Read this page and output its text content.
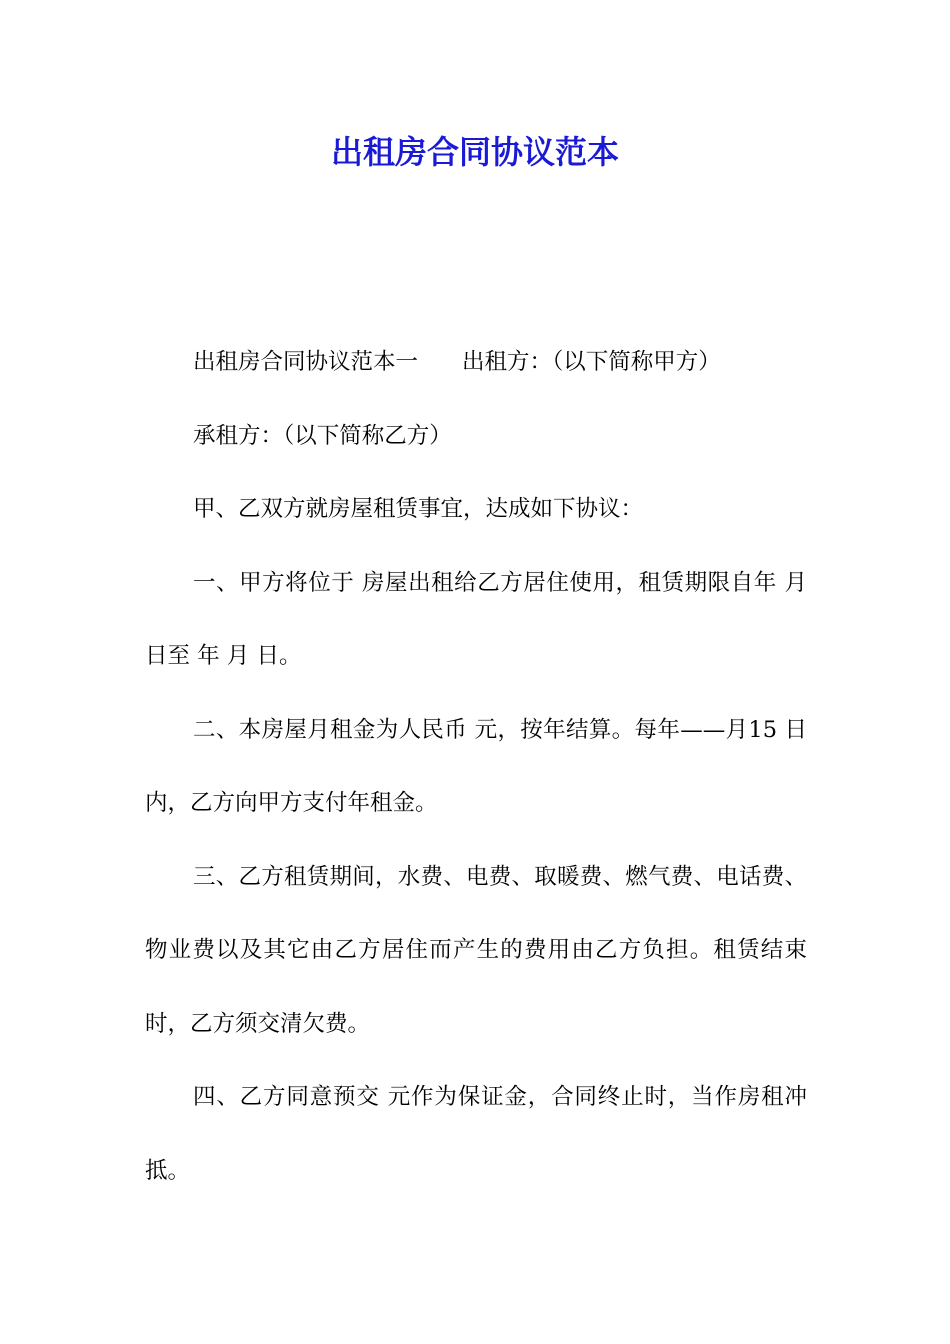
出租房合同协议范本

出租房合同协议范本一 出租方：（以下简称甲方）

承租方：（以下简称乙方）

甲、乙双方就房屋租赁事宜，达成如下协议：

一、甲方将位于 房屋出租给乙方居住使用，租赁期限自年 月 日至 年 月 日。

二、本房屋月租金为人民币 元，按年结算。每年——月15 日内，乙方向甲方支付年租金。

三、乙方租赁期间，水费、电费、取暖费、燃气费、电话费、物业费以及其它由乙方居住而产生的费用由乙方负担。租赁结束时，乙方须交清欠费。

四、乙方同意预交 元作为保证金，合同终止时，当作房租冲抵。
